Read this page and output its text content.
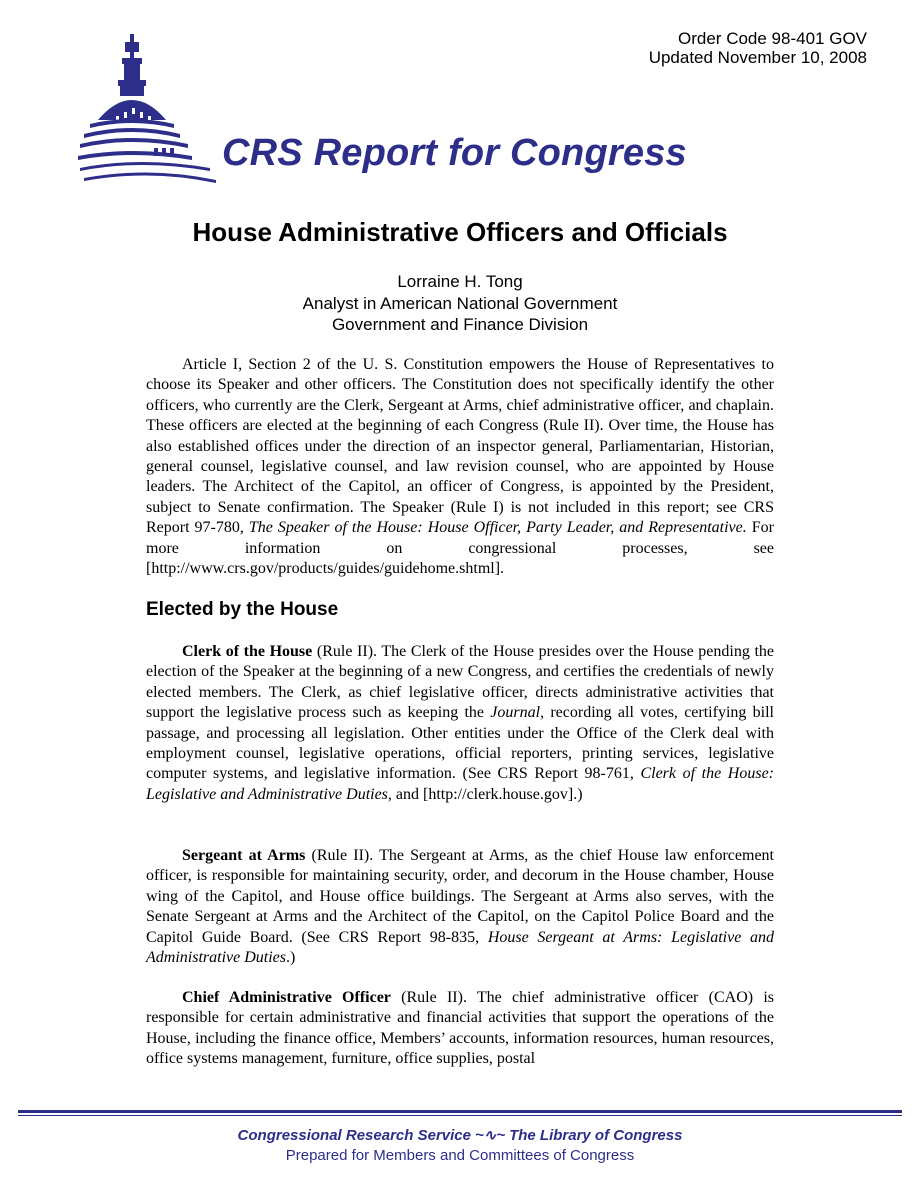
Order Code 98-401 GOV
Updated November 10, 2008
CRS Report for Congress
House Administrative Officers and Officials
Lorraine H. Tong
Analyst in American National Government
Government and Finance Division

Article I, Section 2 of the U. S. Constitution empowers the House of Representatives to choose its Speaker and other officers. The Constitution does not specifically identify the other officers, who currently are the Clerk, Sergeant at Arms, chief administrative officer, and chaplain. These officers are elected at the beginning of each Congress (Rule II). Over time, the House has also established offices under the direction of an inspector general, Parliamentarian, Historian, general counsel, legislative counsel, and law revision counsel, who are appointed by House leaders. The Architect of the Capitol, an officer of Congress, is appointed by the President, subject to Senate confirmation. The Speaker (Rule I) is not included in this report; see CRS Report 97-780, The Speaker of the House: House Officer, Party Leader, and Representative. For more information on congressional processes, see [http://www.crs.gov/products/guides/guidehome.shtml].

Elected by the House

Clerk of the House (Rule II). The Clerk of the House presides over the House pending the election of the Speaker at the beginning of a new Congress, and certifies the credentials of newly elected members. The Clerk, as chief legislative officer, directs administrative activities that support the legislative process such as keeping the Journal, recording all votes, certifying bill passage, and processing all legislation. Other entities under the Office of the Clerk deal with employment counsel, legislative operations, official reporters, printing services, legislative computer systems, and legislative information. (See CRS Report 98-761, Clerk of the House: Legislative and Administrative Duties, and [http://clerk.house.gov].)

Sergeant at Arms (Rule II). The Sergeant at Arms, as the chief House law enforcement officer, is responsible for maintaining security, order, and decorum in the House chamber, House wing of the Capitol, and House office buildings. The Sergeant at Arms also serves, with the Senate Sergeant at Arms and the Architect of the Capitol, on the Capitol Police Board and the Capitol Guide Board. (See CRS Report 98-835, House Sergeant at Arms: Legislative and Administrative Duties.)

Chief Administrative Officer (Rule II). The chief administrative officer (CAO) is responsible for certain administrative and financial activities that support the operations of the House, including the finance office, Members’ accounts, information resources, human resources, office systems management, furniture, office supplies, postal

Congressional Research Service ~∿~ The Library of Congress
Prepared for Members and Committees of Congress
